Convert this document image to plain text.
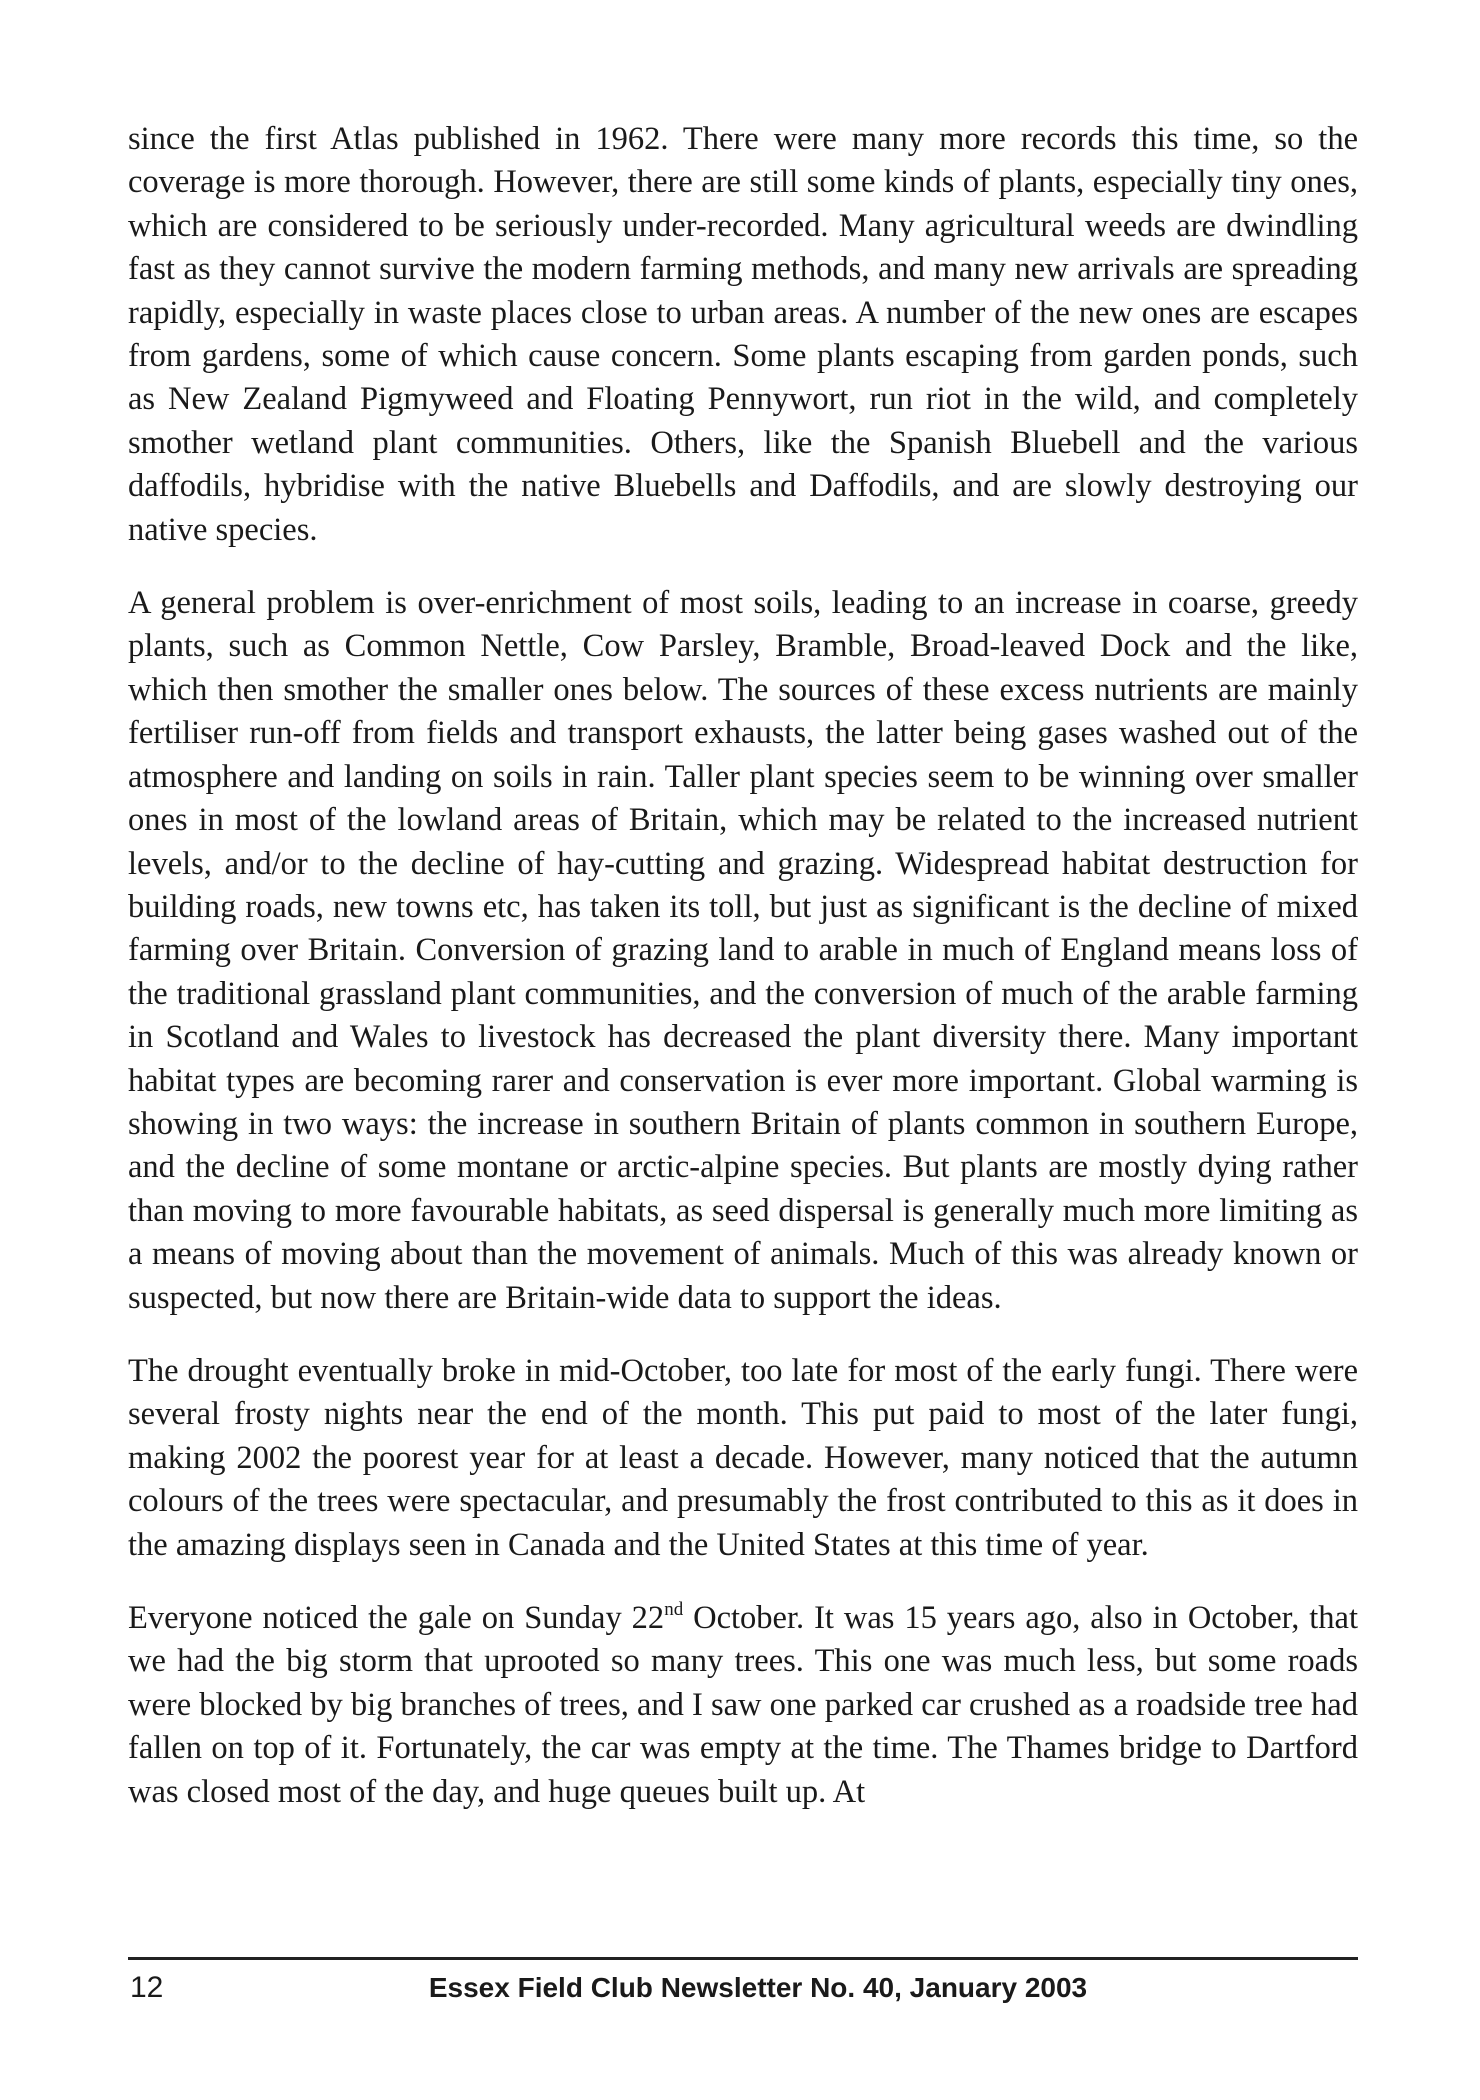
since the first Atlas published in 1962. There were many more records this time, so the coverage is more thorough. However, there are still some kinds of plants, especially tiny ones, which are considered to be seriously under-recorded. Many agricultural weeds are dwindling fast as they cannot survive the modern farming methods, and many new arrivals are spreading rapidly, especially in waste places close to urban areas. A number of the new ones are escapes from gardens, some of which cause concern. Some plants escaping from garden ponds, such as New Zealand Pigmyweed and Floating Pennywort, run riot in the wild, and completely smother wetland plant communities. Others, like the Spanish Bluebell and the various daffodils, hybridise with the native Bluebells and Daffodils, and are slowly destroying our native species.

A general problem is over-enrichment of most soils, leading to an increase in coarse, greedy plants, such as Common Nettle, Cow Parsley, Bramble, Broad-leaved Dock and the like, which then smother the smaller ones below. The sources of these excess nutrients are mainly fertiliser run-off from fields and transport exhausts, the latter being gases washed out of the atmosphere and landing on soils in rain. Taller plant species seem to be winning over smaller ones in most of the lowland areas of Britain, which may be related to the increased nutrient levels, and/or to the decline of hay-cutting and grazing. Widespread habitat destruction for building roads, new towns etc, has taken its toll, but just as significant is the decline of mixed farming over Britain. Conversion of grazing land to arable in much of England means loss of the traditional grassland plant communities, and the conversion of much of the arable farming in Scotland and Wales to livestock has decreased the plant diversity there. Many important habitat types are becoming rarer and conservation is ever more important. Global warming is showing in two ways: the increase in southern Britain of plants common in southern Europe, and the decline of some montane or arctic-alpine species. But plants are mostly dying rather than moving to more favourable habitats, as seed dispersal is generally much more limiting as a means of moving about than the movement of animals. Much of this was already known or suspected, but now there are Britain-wide data to support the ideas.

The drought eventually broke in mid-October, too late for most of the early fungi. There were several frosty nights near the end of the month. This put paid to most of the later fungi, making 2002 the poorest year for at least a decade. However, many noticed that the autumn colours of the trees were spectacular, and presumably the frost contributed to this as it does in the amazing displays seen in Canada and the United States at this time of year.

Everyone noticed the gale on Sunday 22nd October. It was 15 years ago, also in October, that we had the big storm that uprooted so many trees. This one was much less, but some roads were blocked by big branches of trees, and I saw one parked car crushed as a roadside tree had fallen on top of it. Fortunately, the car was empty at the time. The Thames bridge to Dartford was closed most of the day, and huge queues built up. At

12	Essex Field Club Newsletter No. 40, January 2003
